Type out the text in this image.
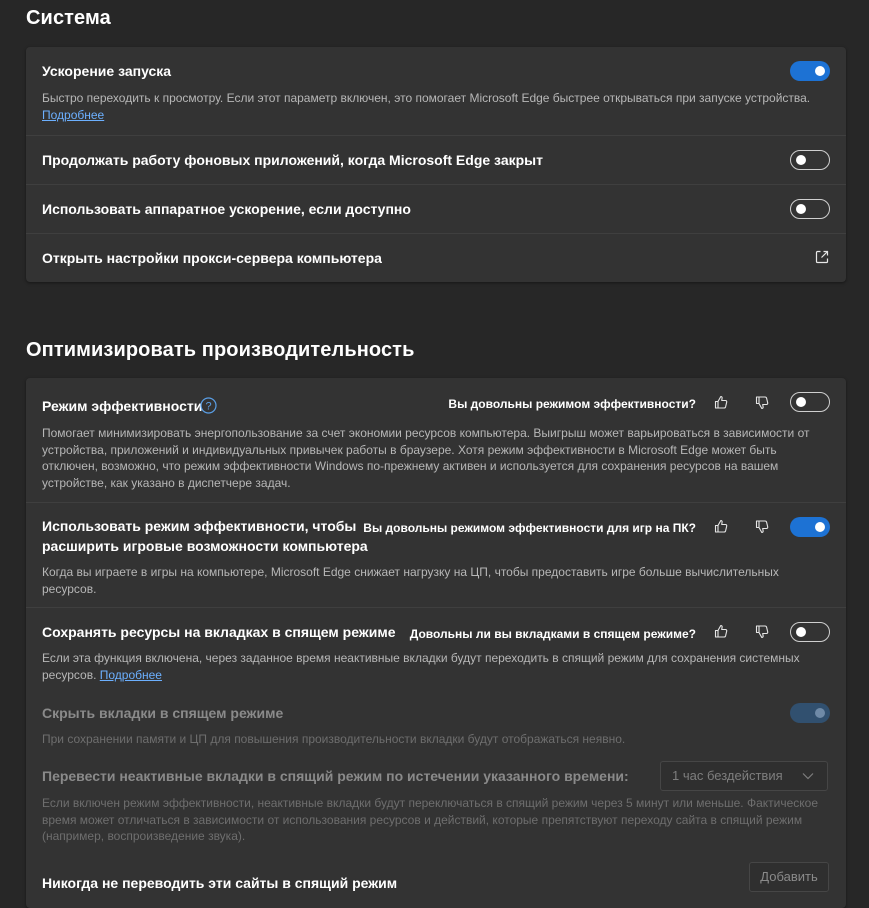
Система
Ускорение запуска
Быстро переходить к просмотру. Если этот параметр включен, это помогает Microsoft Edge быстрее открываться при запуске устройства.
Подробнее
Продолжать работу фоновых приложений, когда Microsoft Edge закрыт
Использовать аппаратное ускорение, если доступно
Открыть настройки прокси-сервера компьютера
Оптимизировать производительность
Режим эффективности ?	Вы довольны режимом эффективности?
Помогает минимизировать энергопользование за счет экономии ресурсов компьютера. Выигрыш может варьироваться в зависимости от устройства, приложений и индивидуальных привычек работы в браузере. Хотя режим эффективности в Microsoft Edge может быть отключен, возможно, что режим эффективности Windows по-прежнему активен и используется для сохранения ресурсов на вашем устройстве, как указано в диспетчере задач.
Использовать режим эффективности, чтобы
расширить игровые возможности компьютера
Вы довольны режимом эффективности для игр на ПК?
Когда вы играете в игры на компьютере, Microsoft Edge снижает нагрузку на ЦП, чтобы предоставить игре больше вычислительных ресурсов.
Сохранять ресурсы на вкладках в спящем режиме Довольны ли вы вкладками в спящем режиме?
Если эта функция включена, через заданное время неактивные вкладки будут переходить в спящий режим для сохранения системных ресурсов. Подробнее
Скрыть вкладки в спящем режиме
При сохранении памяти и ЦП для повышения производительности вкладки будут отображаться неявно.
Перевести неактивные вкладки в спящий режим по истечении указанного времени:	1 час бездействия
Если включен режим эффективности, неактивные вкладки будут переключаться в спящий режим через 5 минут или меньше. Фактическое время может отличаться в зависимости от использования ресурсов и действий, которые препятствуют переходу сайта в спящий режим (например, воспроизведение звука).
Никогда не переводить эти сайты в спящий режим	Добавить
